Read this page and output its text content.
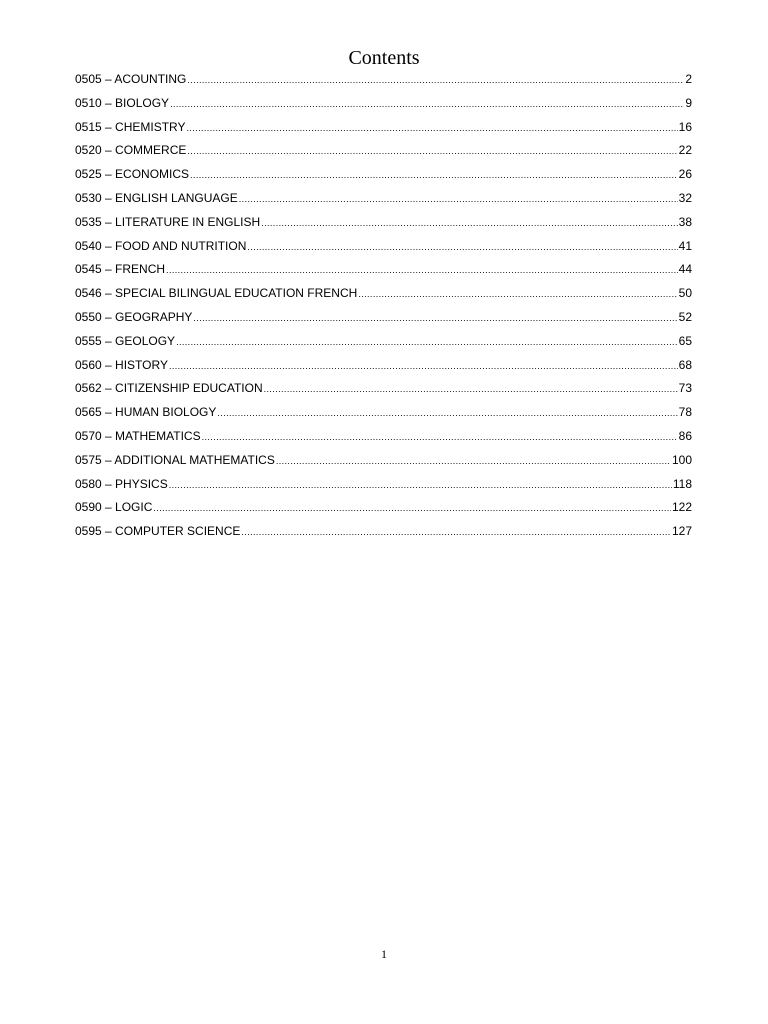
Contents
0505 – ACOUNTING .....	2
0510 – BIOLOGY .....	9
0515 – CHEMISTRY .....	16
0520 – COMMERCE .....	22
0525 – ECONOMICS .....	26
0530 – ENGLISH LANGUAGE .....	32
0535 – LITERATURE IN ENGLISH .....	38
0540 – FOOD AND NUTRITION .....	41
0545 – FRENCH .....	44
0546 – SPECIAL BILINGUAL EDUCATION FRENCH .....	50
0550 – GEOGRAPHY .....	52
0555 – GEOLOGY .....	65
0560 – HISTORY .....	68
0562 – CITIZENSHIP EDUCATION .....	73
0565 – HUMAN BIOLOGY .....	78
0570 – MATHEMATICS .....	86
0575 – ADDITIONAL MATHEMATICS .....	100
0580 – PHYSICS .....	118
0590 – LOGIC .....	122
0595 – COMPUTER SCIENCE .....	127
1
